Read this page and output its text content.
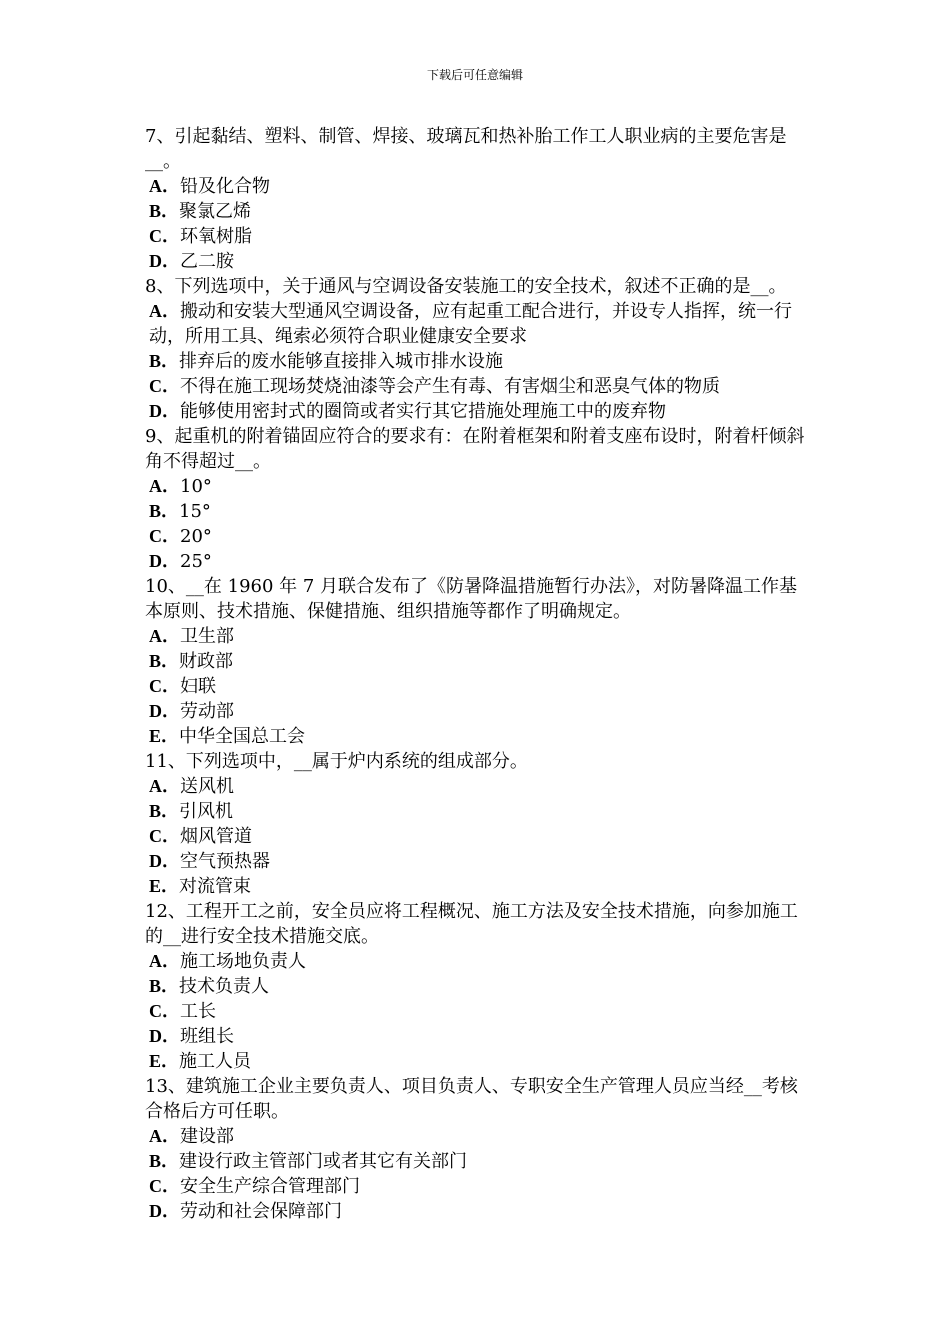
下载后可任意编辑
7、引起黏结、塑料、制管、焊接、玻璃瓦和热补胎工作工人职业病的主要危害是__。
A．铅及化合物
B．聚氯乙烯
C．环氧树脂
D．乙二胺
8、下列选项中，关于通风与空调设备安装施工的安全技术，叙述不正确的是__。
A．搬动和安装大型通风空调设备，应有起重工配合进行，并设专人指挥，统一行动，所用工具、绳索必须符合职业健康安全要求
B．排弃后的废水能够直接排入城市排水设施
C．不得在施工现场焚烧油漆等会产生有毒、有害烟尘和恶臭气体的物质
D．能够使用密封式的圈筒或者实行其它措施处理施工中的废弃物
9、起重机的附着锚固应符合的要求有：在附着框架和附着支座布设时，附着杆倾斜角不得超过__。
A．10°
B．15°
C．20°
D．25°
10、__在 1960 年 7 月联合发布了《防暑降温措施暂行办法》，对防暑降温工作基本原则、技术措施、保健措施、组织措施等都作了明确规定。
A．卫生部
B．财政部
C．妇联
D．劳动部
E．中华全国总工会
11、下列选项中，__属于炉内系统的组成部分。
A．送风机
B．引风机
C．烟风管道
D．空气预热器
E．对流管束
12、工程开工之前，安全员应将工程概况、施工方法及安全技术措施，向参加施工的__进行安全技术措施交底。
A．施工场地负责人
B．技术负责人
C．工长
D．班组长
E．施工人员
13、建筑施工企业主要负责人、项目负责人、专职安全生产管理人员应当经__考核合格后方可任职。
A．建设部
B．建设行政主管部门或者其它有关部门
C．安全生产综合管理部门
D．劳动和社会保障部门
